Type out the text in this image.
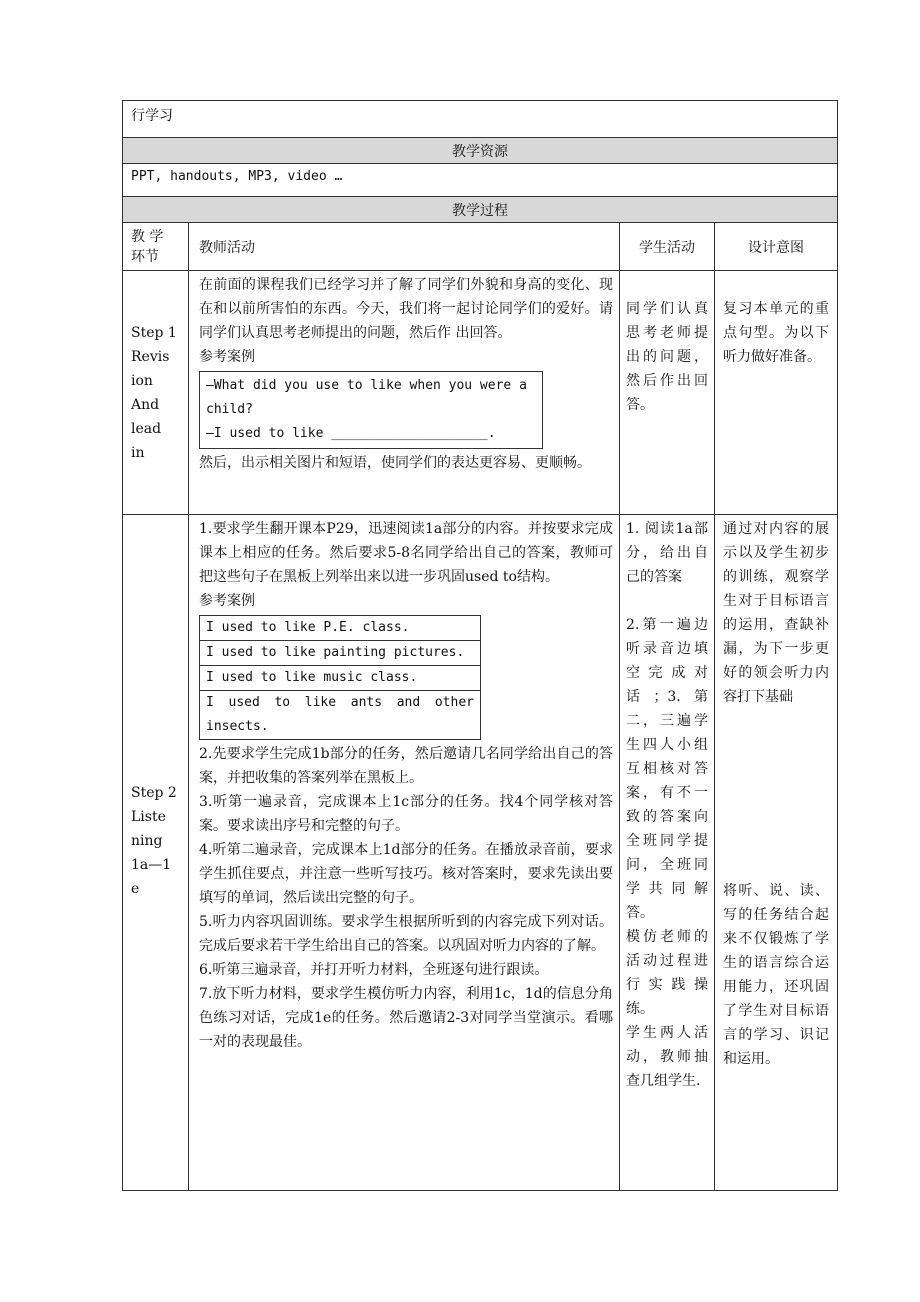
行学习
教学资源
PPT, handouts, MP3, video …
教学过程
教 学
环节
教师活动	学生活动	设计意图
Step 1
Revis
ion
And
lead
in
在前面的课程我们已经学习并了解了同学们外貌和身高的变化、现在和以前所害怕的东西。今天，我们将一起讨论同学们的爱好。请同学们认真思考老师提出的问题，然后作 出回答。
参考案例
—What did you use to like when you were a child?
—I used to like ____________________.
然后，出示相关图片和短语，使同学们的表达更容易、更顺畅。
同学们认真思考老师提出的问题，然后作出回答。
复习本单元的重点句型。为以下听力做好准备。
Step 2
Liste
ning
1a—1
e
1.要求学生翻开课本P29，迅速阅读1a部分的内容。并按要求完成课本上相应的任务。然后要求5-8名同学给出自己的答案，教师可把这些句子在黑板上列举出来以进一步巩固used to结构。
参考案例
I used to like P.E. class.
I used to like painting pictures.
I used to like music class.
I used to like ants and other insects.
2.先要求学生完成1b部分的任务，然后邀请几名同学给出自己的答案，并把收集的答案列举在黑板上。
3.听第一遍录音，完成课本上1c部分的任务。找4个同学核对答案。要求读出序号和完整的句子。
4.听第二遍录音，完成课本上1d部分的任务。在播放录音前，要求学生抓住要点，并注意一些听写技巧。核对答案时，要求先读出要填写的单词，然后读出完整的句子。
5.听力内容巩固训练。要求学生根据所听到的内容完成下列对话。完成后要求若干学生给出自己的答案。以巩固对听力内容的了解。
6.听第三遍录音，并打开听力材料，全班逐句进行跟读。
7.放下听力材料，要求学生模仿听力内容，利用1c，1d的信息分角色练习对话，完成1e的任务。然后邀请2-3对同学当堂演示。看哪一对的表现最佳。
1. 阅读1a部分，给出自己的答案
2.第一遍边听录音边填空完成对话；3.第二，三遍学生四人小组互相核对答案，有不一致的答案向全班同学提问，全班同学共同解答。
模仿老师的活动过程进行实践操练。
学生两人活动，教师抽查几组学生.
通过对内容的展示以及学生初步的训练，观察学生对于目标语言的运用，查缺补漏，为下一步更好的领会听力内容打下基础
将听、说、读、写的任务结合起来不仅锻炼了学生的语言综合运用能力，还巩固了学生对目标语言的学习、识记和运用。
